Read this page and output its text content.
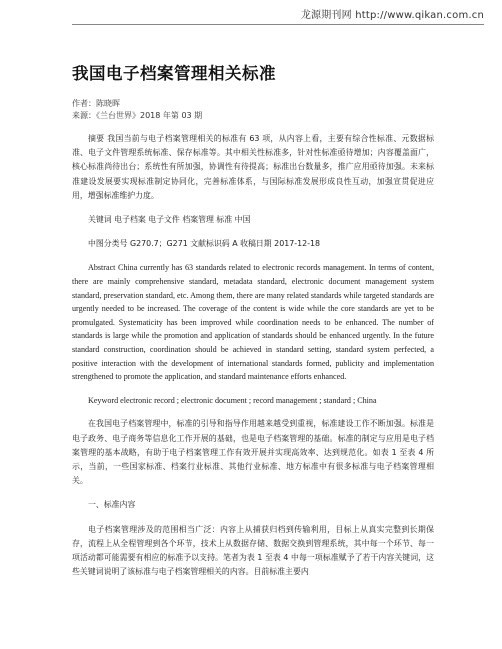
龙源期刊网 http://www.qikan.com.cn
我国电子档案管理相关标准
作者：陈晓晖
来源：《兰台世界》2018 年第 03 期

摘要 我国当前与电子档案管理相关的标准有 63 项，从内容上看，主要有综合性标准、元数据标准、电子文件管理系统标准、保存标准等。其中相关性标准多，针对性标准亟待增加；内容覆盖面广，核心标准尚待出台；系统性有所加强，协调性有待提高；标准出台数量多，推广应用亟待加强。未来标准建设发展要实现标准制定协同化，完善标准体系，与国际标准发展形成良性互动，加强宣贯促进应用，增强标准维护力度。

关键词 电子档案 电子文件 档案管理 标准 中国

中图分类号 G270.7；G271 文献标识码 A 收稿日期 2017-12-18

Abstract China currently has 63 standards related to electronic records management. In terms of content, there are mainly comprehensive standard, metadata standard, electronic document management system standard, preservation standard, etc. Among them, there are many related standards while targeted standards are urgently needed to be increased. The coverage of the content is wide while the core standards are yet to be promulgated. Systematicity has been improved while coordination needs to be enhanced. The number of standards is large while the promotion and application of standards should be enhanced urgently. In the future standard construction, coordination should be achieved in standard setting, standard system perfected, a positive interaction with the development of international standards formed, publicity and implementation strengthened to promote the application, and standard maintenance efforts enhanced.

Keyword electronic record ; electronic document ; record management ; standard ; China

在我国电子档案管理中，标准的引导和指导作用越来越受到重视，标准建设工作不断加强。标准是电子政务、电子商务等信息化工作开展的基础，也是电子档案管理的基础。标准的制定与应用是电子档案管理的基本战略，有助于电子档案管理工作有效开展并实现高效率、达到规范化。如表 1 至表 4 所示，当前，一些国家标准、档案行业标准、其他行业标准、地方标准中有很多标准与电子档案管理相关。

一、标准内容

电子档案管理涉及的范围相当广泛：内容上从捕获归档到传输利用，目标上从真实完整到长期保存，流程上从全程管理到各个环节，技术上从数据存储、数据交换到管理系统，其中每一个环节、每一项活动都可能需要有相应的标准予以支持。笔者为表 1 至表 4 中每一项标准赋予了若干内容关键词，这些关键词说明了该标准与电子档案管理相关的内容。目前标准主要内
